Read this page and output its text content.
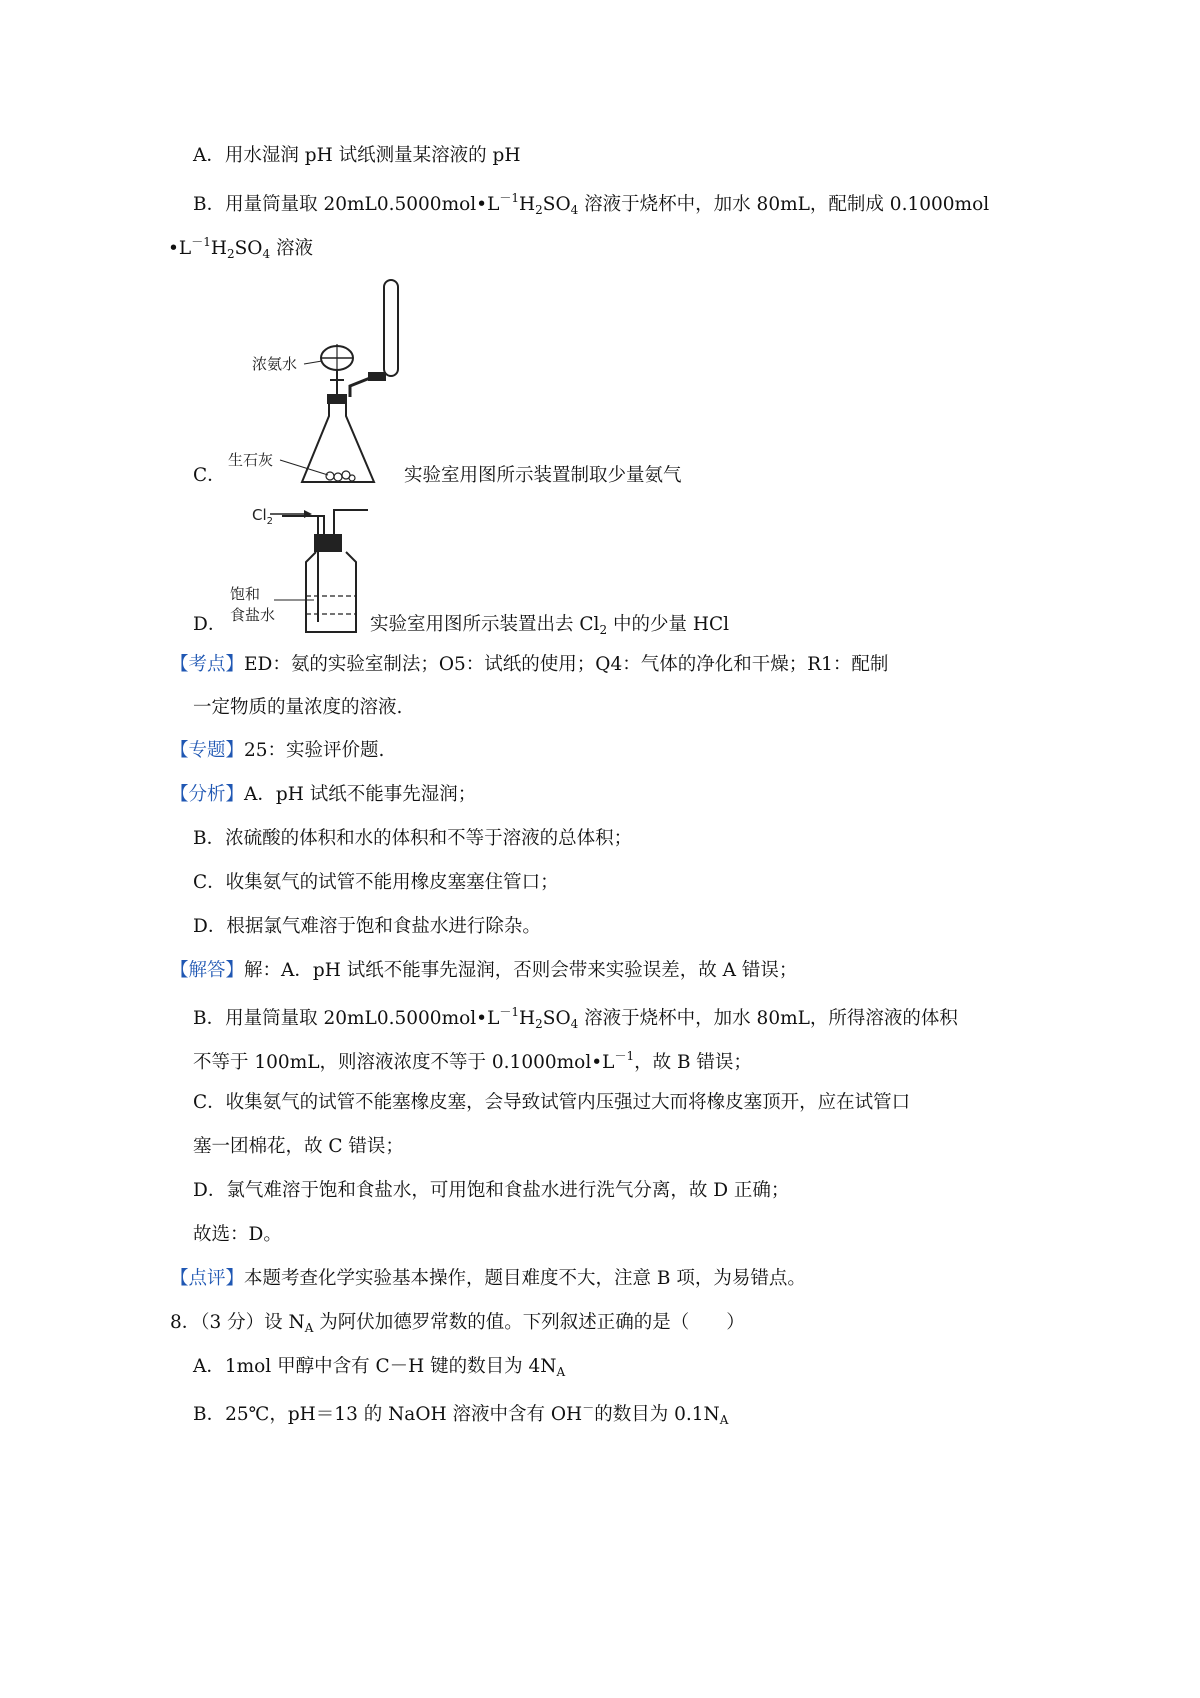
A．用水湿润 pH 试纸测量某溶液的 pH
B．用量筒量取 $20mL0.5000mol•L^{-1}H_2SO_4$ 溶液于烧杯中，加水 80mL，配制成 0.1000mol
$•L^{-1}H_2SO_4$ 溶液
浓氨水
生石灰
C．	实验室用图所示装置制取少量氨气
$Cl_2$
饱和
食盐水
D．	实验室用图所示装置出去 $Cl_2$ 中的少量 HCl
【考点】ED：氨的实验室制法；O5：试纸的使用；Q4：气体的净化和干燥；R1：配制
一定物质的量浓度的溶液.
【专题】25：实验评价题.
【分析】A．pH 试纸不能事先湿润；
B．浓硫酸的体积和水的体积和不等于溶液的总体积；
C．收集氨气的试管不能用橡皮塞塞住管口；
D．根据氯气难溶于饱和食盐水进行除杂。
【解答】解：A．pH 试纸不能事先湿润，否则会带来实验误差，故 A 错误；
B．用量筒量取 $20mL0.5000mol•L^{-1}H_2SO_4$ 溶液于烧杯中，加水 80mL，所得溶液的体积
不等于 100mL，则溶液浓度不等于 $0.1000mol•L^{-1}$，故 B 错误；
C．收集氨气的试管不能塞橡皮塞，会导致试管内压强过大而将橡皮塞顶开，应在试管口
塞一团棉花，故 C 错误；
D．氯气难溶于饱和食盐水，可用饱和食盐水进行洗气分离，故 D 正确；
故选：D。
【点评】本题考查化学实验基本操作，题目难度不大，注意 B 项，为易错点。
8．（3 分）设 $N_A$ 为阿伏加德罗常数的值。下列叙述正确的是（　　）
A．1mol 甲醇中含有 C－H 键的数目为 $4N_A$
B．25℃，pH＝13 的 NaOH 溶液中含有 OH－的数目为 $0.1N_A$
